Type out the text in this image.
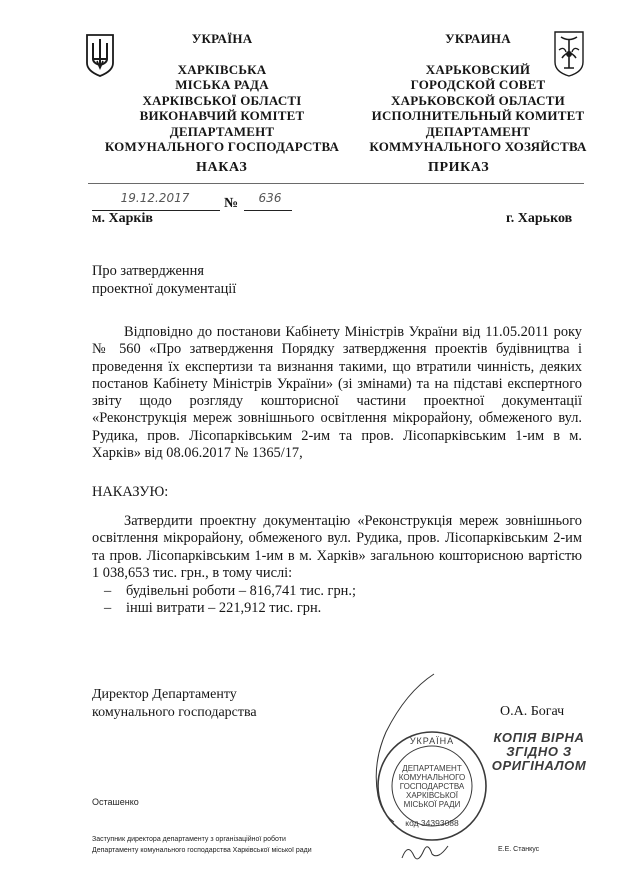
УКРАЇНА
ХАРКІВСЬКА
МІСЬКА РАДА
ХАРКІВСЬКОЇ ОБЛАСТІ
ВИКОНАВЧИЙ КОМІТЕТ
ДЕПАРТАМЕНТ
КОМУНАЛЬНОГО ГОСПОДАРСТВА
УКРАИНА
ХАРЬКОВСКИЙ
ГОРОДСКОЙ СОВЕТ
ХАРЬКОВСКОЙ ОБЛАСТИ
ИСПОЛНИТЕЛЬНЫЙ КОМИТЕТ
ДЕПАРТАМЕНТ
КОММУНАЛЬНОГО ХОЗЯЙСТВА
НАКАЗ	ПРИКАЗ
19.12.2017	№	636
м. Харків	г. Харьков
Про затвердження
проектної документації
Відповідно до постанови Кабінету Міністрів України від 11.05.2011 року № 560 «Про затвердження Порядку затвердження проектів будівництва і проведення їх експертизи та визнання такими, що втратили чинність, деяких постанов Кабінету Міністрів України» (зі змінами) та на підставі експертного звіту щодо розгляду кошторисної частини проектної документації «Реконструкція мереж зовнішнього освітлення мікрорайону, обмеженого вул. Рудика, пров. Лісопарківським 2-им та пров. Лісопарківським 1-им в м. Харків» від 08.06.2017 № 1365/17,
НАКАЗУЮ:
Затвердити проектну документацію «Реконструкція мереж зовнішнього освітлення мікрорайону, обмеженого вул. Рудика, пров. Лісопарківським 2-им та пров. Лісопарківським 1-им в м. Харків» загальною кошторисною вартістю 1 038,653 тис. грн., в тому числі:
–	будівельні роботи – 816,741 тис. грн.;
–	інші витрати – 221,912 тис. грн.
Директор Департаменту
комунального господарства	О.А. Богач
КОПІЯ ВІРНА
ЗГІДНО З
ОРИГІНАЛОМ
УКРАЇНА
ДЕПАРТАМЕНТ
КОМУНАЛЬНОГО
ГОСПОДАРСТВА
ХАРКІВСЬКОЇ
МІСЬКОЇ РАДИ
код 34393088
Осташенко
Заступник директора департаменту з організаційної роботи
Департаменту комунального господарства Харківської міської ради	Е.Е. Станкус
